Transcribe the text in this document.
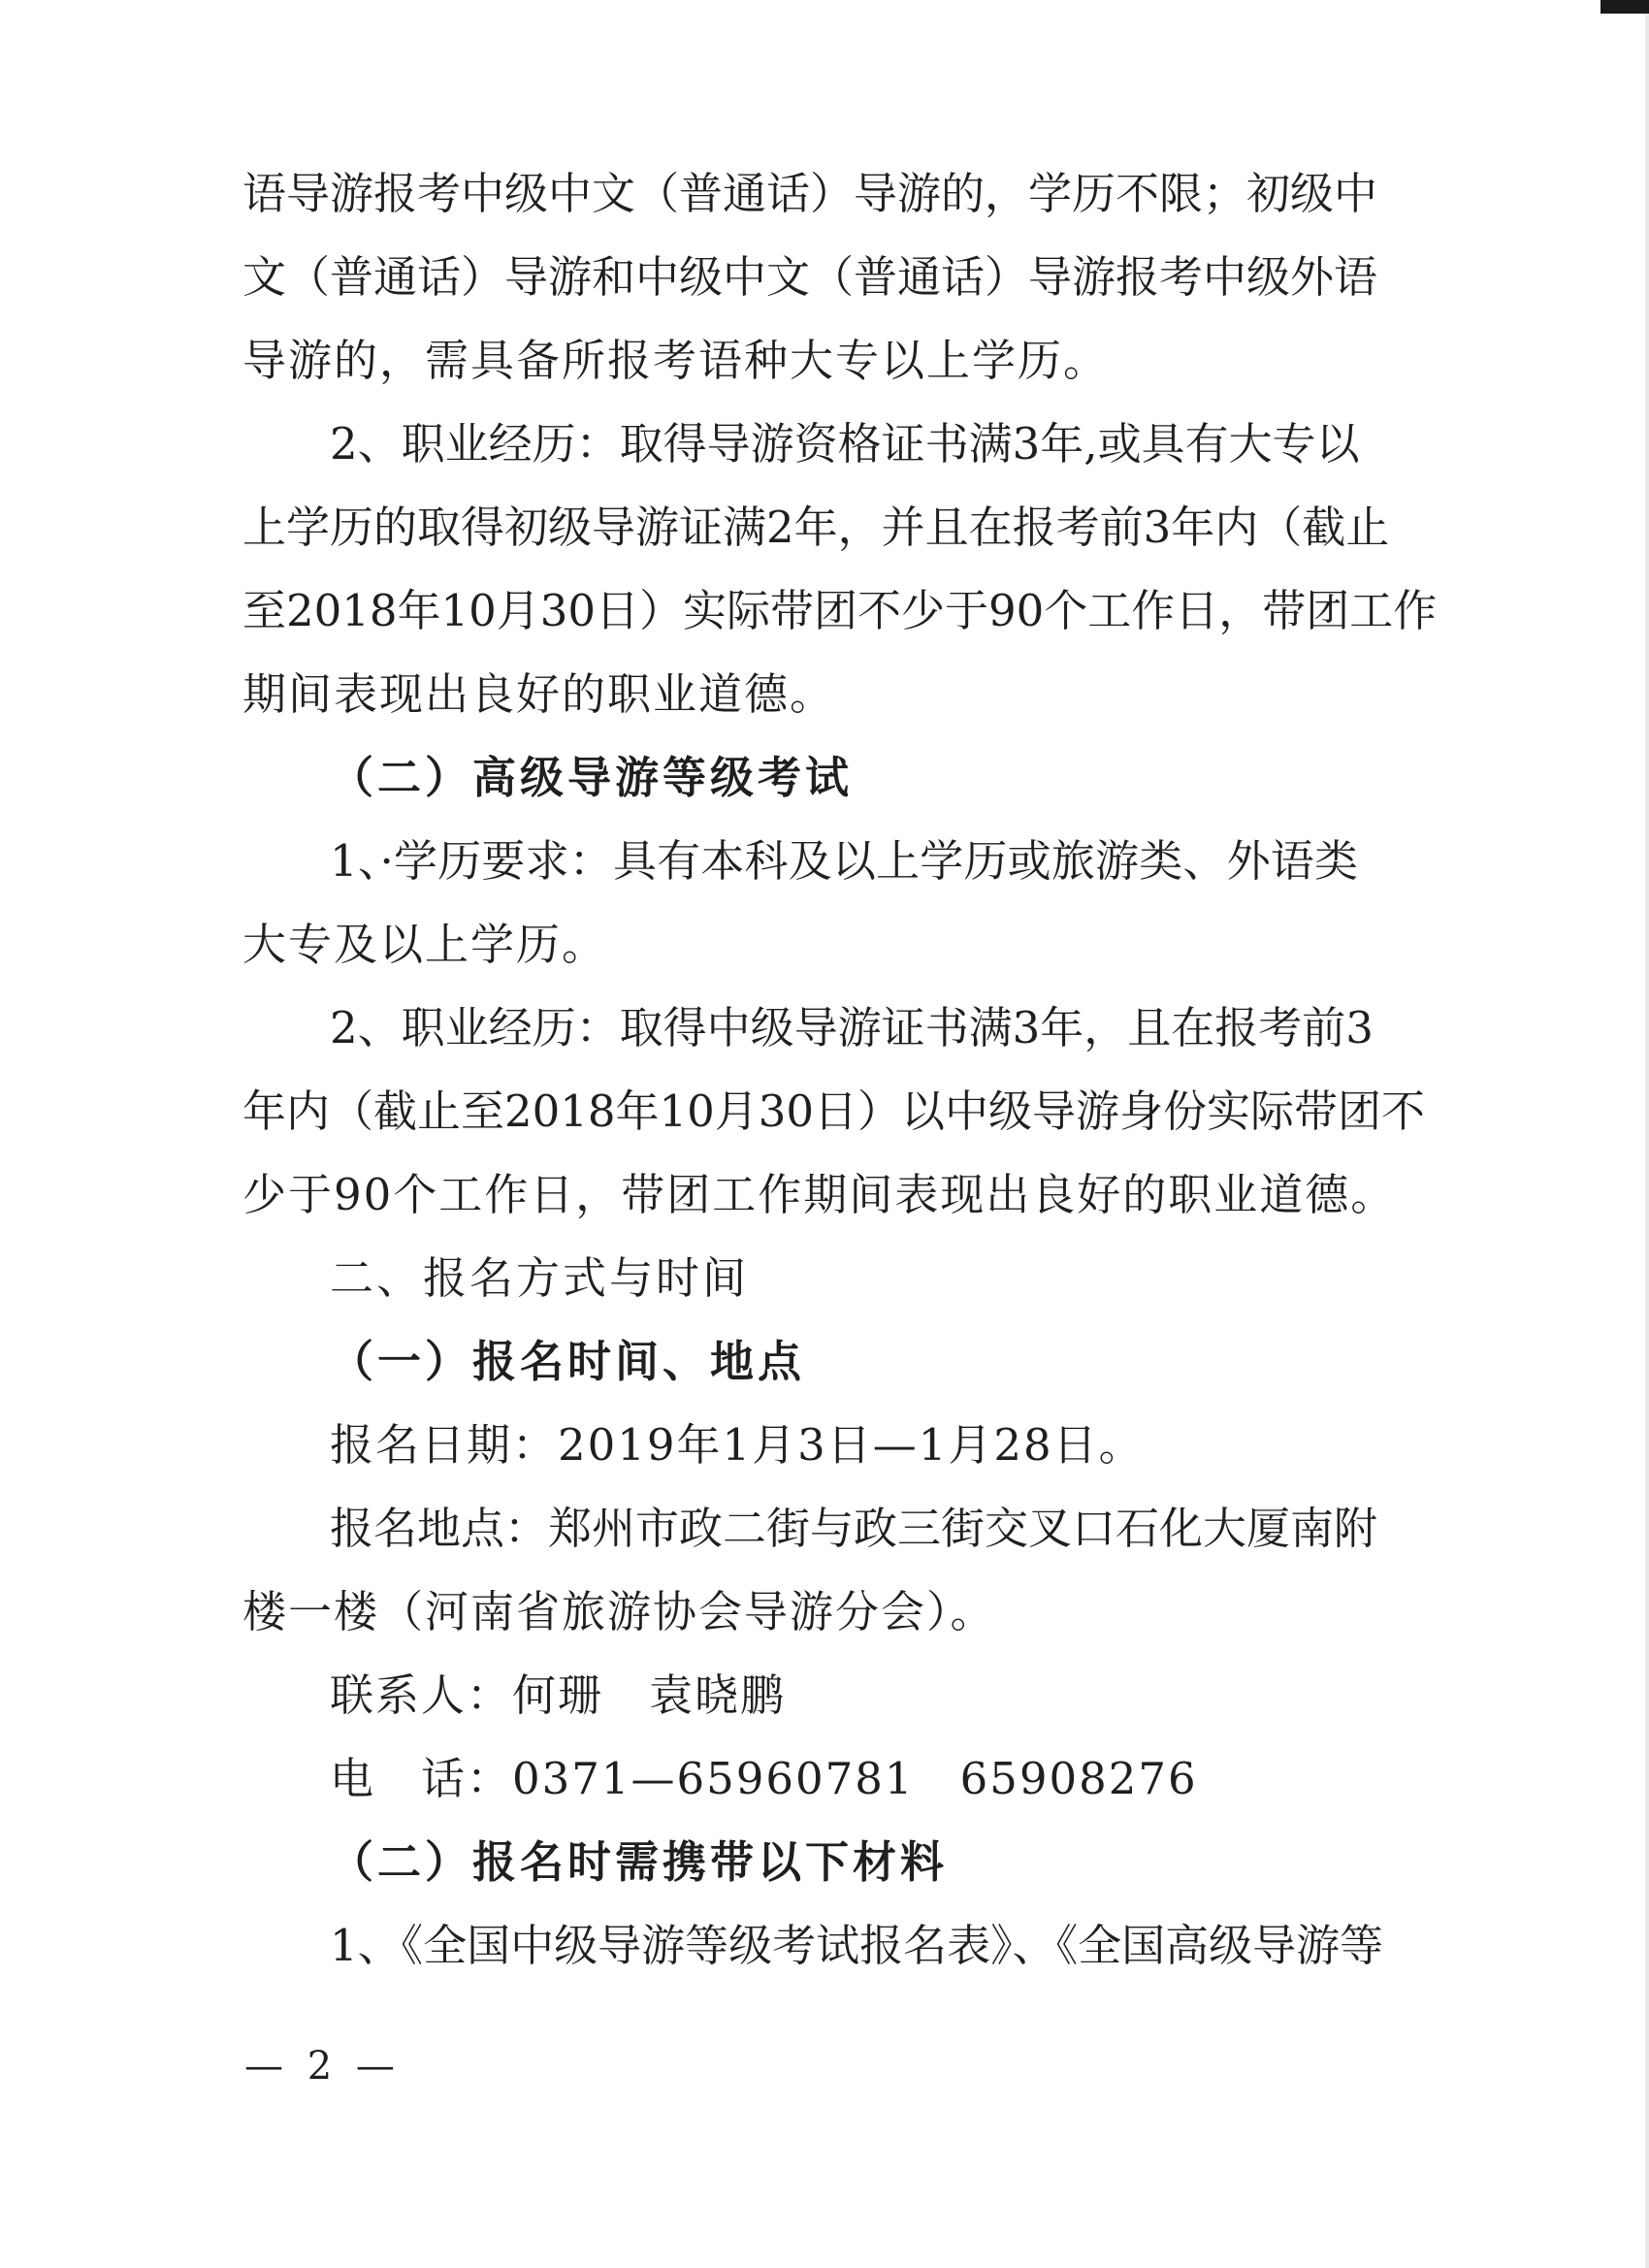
语导游报考中级中文（普通话）导游的，学历不限；初级中
文（普通话）导游和中级中文（普通话）导游报考中级外语
导游的，需具备所报考语种大专以上学历。
2、职业经历：取得导游资格证书满3年,或具有大专以
上学历的取得初级导游证满2年，并且在报考前3年内（截止
至2018年10月30日）实际带团不少于90个工作日，带团工作
期间表现出良好的职业道德。
（二）高级导游等级考试
1、·学历要求：具有本科及以上学历或旅游类、外语类
大专及以上学历。
2、职业经历：取得中级导游证书满3年，且在报考前3
年内（截止至2018年10月30日）以中级导游身份实际带团不
少于90个工作日，带团工作期间表现出良好的职业道德。
二、报名方式与时间
（一）报名时间、地点
报名日期：2019年1月3日—1月28日。
报名地点：郑州市政二街与政三街交叉口石化大厦南附
楼一楼（河南省旅游协会导游分会）。
联系人：何珊　袁晓鹏
电　话：0371—65960781　65908276
（二）报名时需携带以下材料
1、《全国中级导游等级考试报名表》、《全国高级导游等
— 2 —
